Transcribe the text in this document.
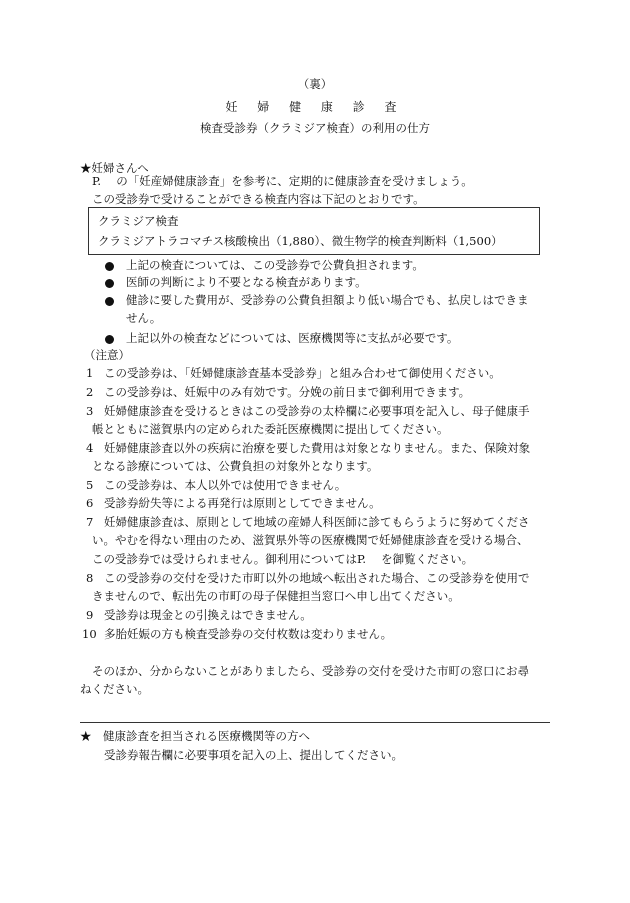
（裏）
妊 婦 健 康 診 査
検査受診券（クラミジア検査）の利用の仕方
★妊婦さんへ
P.　 の「妊産婦健康診査」を参考に、定期的に健康診査を受けましょう。
この受診券で受けることができる検査内容は下記のとおりです。
クラミジア検査
クラミジアトラコマチス核酸検出（1,880）、微生物学的検査判断料（1,500）
上記の検査については、この受診券で公費負担されます。
医師の判断により不要となる検査があります。
健診に要した費用が、受診券の公費負担額より低い場合でも、払戻しはできま
せん。
上記以外の検査などについては、医療機関等に支払が必要です。
（注意）
1 この受診券は、「妊婦健康診査基本受診券」と組み合わせて御使用ください。
2 この受診券は、妊娠中のみ有効です。分娩の前日まで御利用できます。
3 妊婦健康診査を受けるときはこの受診券の太枠欄に必要事項を記入し、母子健康手
帳とともに滋賀県内の定められた委託医療機関に提出してください。
4 妊婦健康診査以外の疾病に治療を要した費用は対象となりません。また、保険対象
となる診療については、公費負担の対象外となります。
5 この受診券は、本人以外では使用できません。
6 受診券紛失等による再発行は原則としてできません。
7 妊婦健康診査は、原則として地域の産婦人科医師に診てもらうように努めてくださ
い。やむを得ない理由のため、滋賀県外等の医療機関で妊婦健康診査を受ける場合、
この受診券では受けられません。御利用についてはP.　 を御覧ください。
8 この受診券の交付を受けた市町以外の地域へ転出された場合、この受診券を使用で
きませんので、転出先の市町の母子保健担当窓口へ申し出てください。
9 受診券は現金との引換えはできません。
10 多胎妊娠の方も検査受診券の交付枚数は変わりません。
そのほか、分からないことがありましたら、受診券の交付を受けた市町の窓口にお尋
ねください。
★　健康診査を担当される医療機関等の方へ
受診券報告欄に必要事項を記入の上、提出してください。
